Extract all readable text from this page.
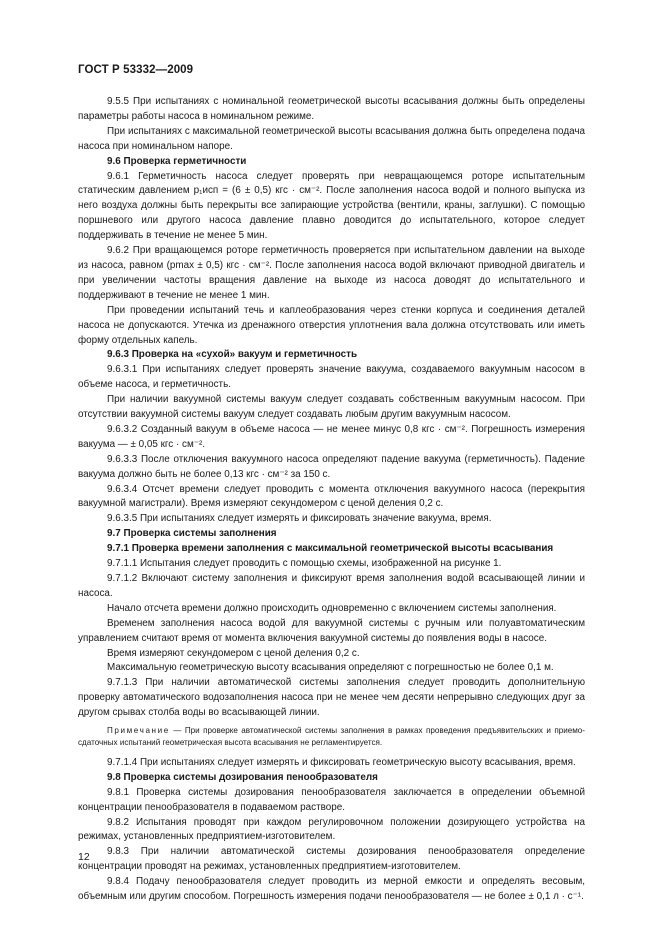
ГОСТ Р 53332—2009

9.5.5 При испытаниях с номинальной геометрической высоты всасывания должны быть определены параметры работы насоса в номинальном режиме.

При испытаниях с максимальной геометрической высоты всасывания должна быть определена подача насоса при номинальном напоре.

9.6 Проверка герметичности

9.6.1 Герметичность насоса следует проверять при невращающемся роторе испытательным статическим давлением p₁исп = (6 ± 0,5) кгс · см⁻². После заполнения насоса водой и полного выпуска из него воздуха должны быть перекрыты все запирающие устройства (вентили, краны, заглушки). С помощью поршневого или другого насоса давление плавно доводится до испытательного, которое следует поддерживать в течение не менее 5 мин.

9.6.2 При вращающемся роторе герметичность проверяется при испытательном давлении на выходе из насоса, равном (pmax ± 0,5) кгс · см⁻². После заполнения насоса водой включают приводной двигатель и при увеличении частоты вращения давление на выходе из насоса доводят до испытательного и поддерживают в течение не менее 1 мин.

При проведении испытаний течь и каплеобразования через стенки корпуса и соединения деталей насоса не допускаются. Утечка из дренажного отверстия уплотнения вала должна отсутствовать или иметь форму отдельных капель.

9.6.3 Проверка на «сухой» вакуум и герметичность

9.6.3.1 При испытаниях следует проверять значение вакуума, создаваемого вакуумным насосом в объеме насоса, и герметичность.

При наличии вакуумной системы вакуум следует создавать собственным вакуумным насосом. При отсутствии вакуумной системы вакуум следует создавать любым другим вакуумным насосом.

9.6.3.2 Созданный вакуум в объеме насоса — не менее минус 0,8 кгс · см⁻². Погрешность измерения вакуума — ± 0,05 кгс · см⁻².

9.6.3.3 После отключения вакуумного насоса определяют падение вакуума (герметичность). Падение вакуума должно быть не более 0,13 кгс · см⁻² за 150 с.

9.6.3.4 Отсчет времени следует проводить с момента отключения вакуумного насоса (перекрытия вакуумной магистрали). Время измеряют секундомером с ценой деления 0,2 с.

9.6.3.5 При испытаниях следует измерять и фиксировать значение вакуума, время.

9.7 Проверка системы заполнения

9.7.1 Проверка времени заполнения с максимальной геометрической высоты всасывания

9.7.1.1 Испытания следует проводить с помощью схемы, изображенной на рисунке 1.

9.7.1.2 Включают систему заполнения и фиксируют время заполнения водой всасывающей линии и насоса.

Начало отсчета времени должно происходить одновременно с включением системы заполнения.

Временем заполнения насоса водой для вакуумной системы с ручным или полуавтоматическим управлением считают время от момента включения вакуумной системы до появления воды в насосе.

Время измеряют секундомером с ценой деления 0,2 с.

Максимальную геометрическую высоту всасывания определяют с погрешностью не более 0,1 м.

9.7.1.3 При наличии автоматической системы заполнения следует проводить дополнительную проверку автоматического водозаполнения насоса при не менее чем десяти непрерывно следующих друг за другом срывах столба воды во всасывающей линии.

Примечание — При проверке автоматической системы заполнения в рамках проведения предъявительских и приемо-сдаточных испытаний геометрическая высота всасывания не регламентируется.

9.7.1.4 При испытаниях следует измерять и фиксировать геометрическую высоту всасывания, время.

9.8 Проверка системы дозирования пенообразователя

9.8.1 Проверка системы дозирования пенообразователя заключается в определении объемной концентрации пенообразователя в подаваемом растворе.

9.8.2 Испытания проводят при каждом регулировочном положении дозирующего устройства на режимах, установленных предприятием-изготовителем.

9.8.3 При наличии автоматической системы дозирования пенообразователя определение концентрации проводят на режимах, установленных предприятием-изготовителем.

9.8.4 Подачу пенообразователя следует проводить из мерной емкости и определять весовым, объемным или другим способом. Погрешность измерения подачи пенообразователя — не более ± 0,1 л · с⁻¹.

12
